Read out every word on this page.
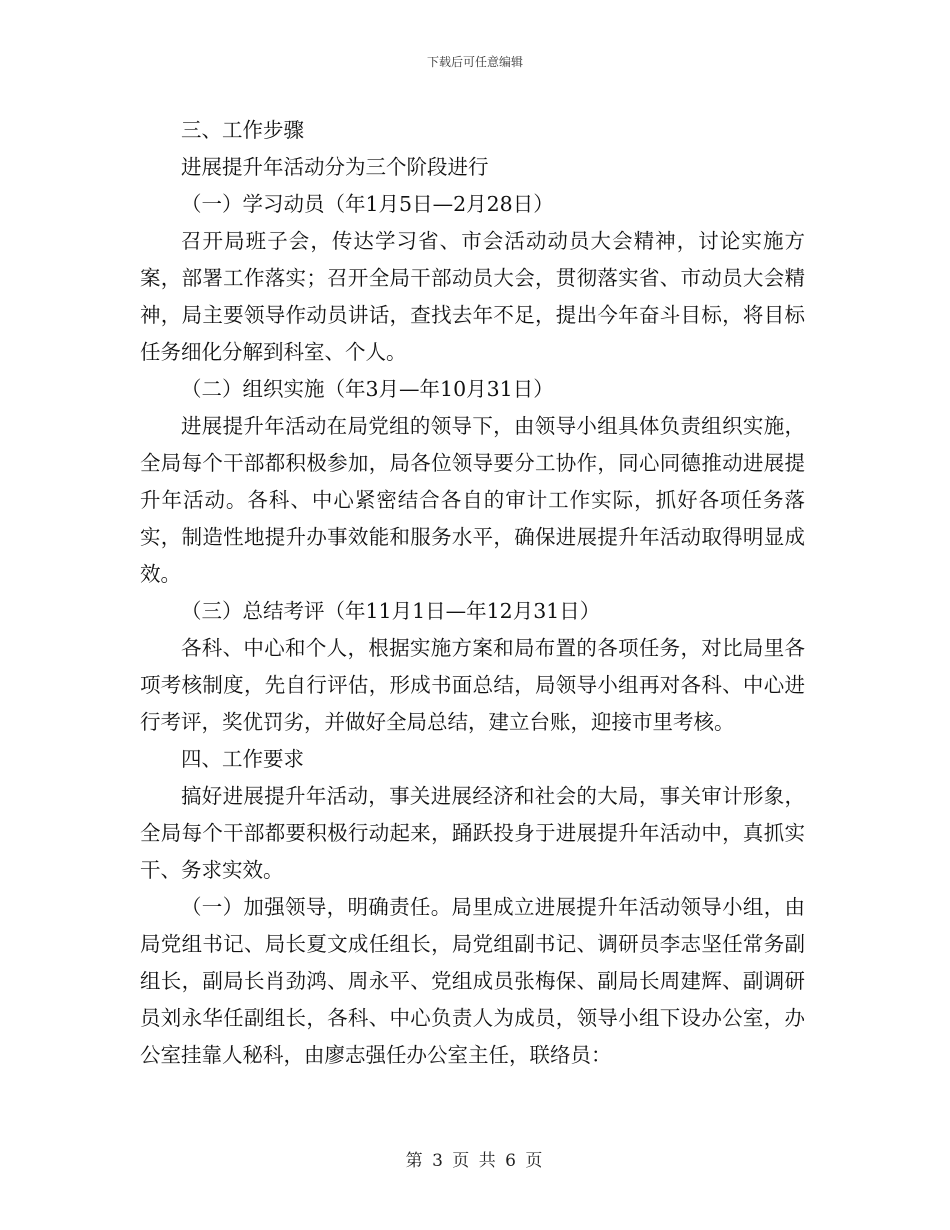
下载后可任意编辑

三、工作步骤

进展提升年活动分为三个阶段进行

（一）学习动员（年1月5日—2月28日）

召开局班子会，传达学习省、市会活动动员大会精神，讨论实施方案，部署工作落实；召开全局干部动员大会，贯彻落实省、市动员大会精神，局主要领导作动员讲话，查找去年不足，提出今年奋斗目标，将目标任务细化分解到科室、个人。

（二）组织实施（年3月—年10月31日）

进展提升年活动在局党组的领导下，由领导小组具体负责组织实施，全局每个干部都积极参加，局各位领导要分工协作，同心同德推动进展提升年活动。各科、中心紧密结合各自的审计工作实际，抓好各项任务落实，制造性地提升办事效能和服务水平，确保进展提升年活动取得明显成效。

（三）总结考评（年11月1日—年12月31日）

各科、中心和个人，根据实施方案和局布置的各项任务，对比局里各项考核制度，先自行评估，形成书面总结，局领导小组再对各科、中心进行考评，奖优罚劣，并做好全局总结，建立台账，迎接市里考核。

四、工作要求

搞好进展提升年活动，事关进展经济和社会的大局，事关审计形象，全局每个干部都要积极行动起来，踊跃投身于进展提升年活动中，真抓实干、务求实效。

（一）加强领导，明确责任。局里成立进展提升年活动领导小组，由局党组书记、局长夏文成任组长，局党组副书记、调研员李志坚任常务副组长，副局长肖劲鸿、周永平、党组成员张梅保、副局长周建辉、副调研员刘永华任副组长，各科、中心负责人为成员，领导小组下设办公室，办公室挂靠人秘科，由廖志强任办公室主任，联络员：

第 3 页 共 6 页
